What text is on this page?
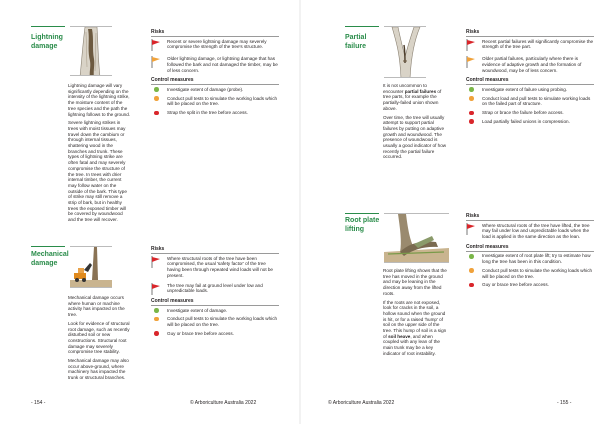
Lightning
damage

Lightning damage will vary significantly depending on the intensity of the lightning strike, the moisture content of the tree species and the path the lightning follows to the ground.

Severe lightning strikes in trees with moist tissues may travel down the cambium or through internal tissues, shattering wood in the branches and trunk. These types of lightning strike are often fatal and may severely compromise the structure of the tree. In trees with drier internal timber, the current may follow water on the outside of the bark. This type of strike may still remove a strip of bark, but in healthy trees the exposed timber will be covered by woundwood and the tree will recover.

Risks
Recent or severe lightning damage may severely compromise the strength of the tree's structure.
Older lightning damage, or lightning damage that has followed the bark and not damaged the timber, may be of less concern.
Control measures
Investigate extent of damage (probe).
Conduct pull tests to simulate the working loads which will be placed on the tree.
Strap the split in the tree before access.
Mechanical
damage

Mechanical damage occurs where human or machine activity has impacted on the tree.

Look for evidence of structural root damage, such as recently disturbed soil or new constructions. Structural root damage may severely compromise tree stability.

Mechanical damage may also occur above-ground, where machinery has impacted the trunk or structural branches.

Risks
Where structural roots of the tree have been compromised, the usual 'safety factor' of the tree having been through repeated wind loads will not be present.
The tree may fail at ground level under low and unpredictable loads.
Control measures
Investigate extent of damage.
Conduct pull tests to simulate the working loads which will be placed on the tree.
Guy or brace tree before access.
- 154 -	© Arboriculture Australia 2022
Partial
failure

It is not uncommon to encounter partial failures of tree parts, for example the partially-failed union shown above.

Over time, the tree will usually attempt to support partial failures by putting on adaptive growth and woundwood. The presence of woundwood is usually a good indicator of how recently the partial failure occurred.

Risks
Recent partial failures will significantly compromise the strength of the tree part.
Older partial failures, particularly where there is evidence of adaptive growth and the formation of woundwood, may be of less concern.
Control measures
Investigate extent of failure using probing.
Conduct load and pull tests to simulate working loads on the failed part of structure.
Strap or brace the failure before access.
Load partially failed unions in compression.
Root plate
lifting

Root plate lifting shows that the tree has moved in the ground and may be leaning in the direction away from the lifted roots.

If the roots are not exposed, look for cracks in the soil, a hollow sound when the ground is hit, or for a raised 'hump' of soil on the upper side of the tree. This hump of soil is a sign of soil heave, and when coupled with any lean of the main trunk may be a key indicator of root instability.

Risks
Where structural roots of the tree have lifted, the tree may fail under low and unpredictable loads when the load is applied in the same direction as the lean.
Control measures
Investigate extent of root plate lift; try to estimate how long the tree has been in this condition.
Conduct pull tests to simulate the working loads which will be placed on the tree.
Guy or brace tree before access.
© Arboriculture Australia 2022	- 155 -
